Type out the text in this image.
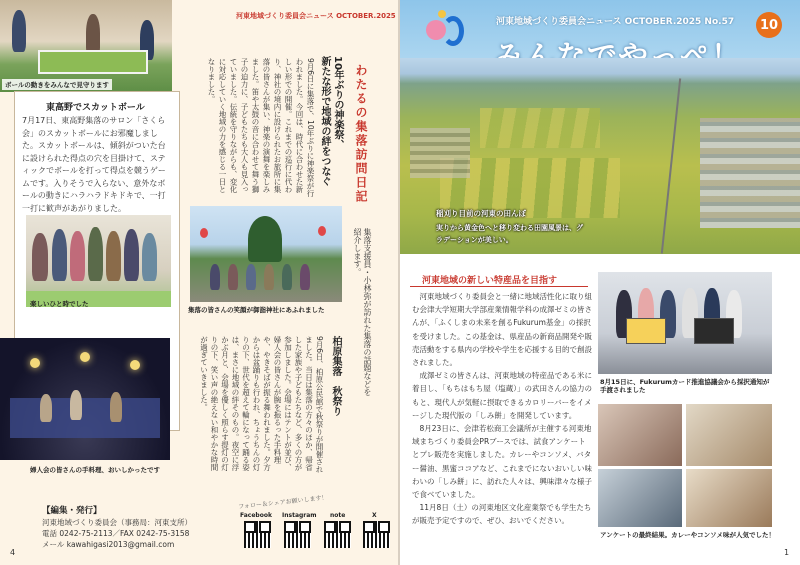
ボールの動きをみんなで見守ります
河東地域づくり委員会ニュース OCTOBER.2025
東高野でスカットボール
7月17日、東高野集落のサロン「さくら会」のスカットボールにお邪魔しました。スカットボールは、傾斜がついた台に設けられた得点の穴を目掛けて、スティックでボールを打って得点を競うゲームです。入りそうで入らない、意外なボールの動きにハラハラドキドキで、一打一打に歓声があがりました。
楽しいひと時でした
婦人会の皆さんの手料理、おいしかったです
10年ぶりの神楽祭、
新たな形で地域の絆をつなぐ
9月6日に集落で、10年ぶりに神楽祭が行われました。今回は、時代に合わせた新しい形での開催。これまでの巡行に代わり、神社の境内に設けられたお旅所に集落の皆さんが集い、神楽の演舞を楽しみました。笛や太鼓の音に合わせて舞う獅子の迫力に、子どもたちも大人も見入っていました。伝統を守りながらも、変化に対応していく地域の力を感じる一日となりました。	わたるの集落訪問日記
集落支援員・小林弥が訪れた集落の話題などを紹介します。
集落の皆さんの笑顔が御詣神社にあふれました
柏原集落　秋祭り
9月6日、柏原公民館で秋祭りが開催されました。当日は集落の方々のほか、帰省した家族や子どもたちなど、多くの方が参加しました。会場にはテントが並び、婦人会の皆さんが腕を振るった手料理や、やきそばが振る舞われました。夕方からは盆踊りも行われ、ちょうちんの灯りの下、世代を超えて輪になって踊る姿は、まさに地域の絆そのもの。夜空に浮かぶ月と、会場を優しく照らす提灯の灯りの下、笑い声の絶えない和やかな時間が過ぎていきました。
【編集・発行】
河東地域づくり委員会（事務局：河東支所）
電話 0242-75-2113／FAX 0242-75-3158
メール kawahigasi2013@gmail.com
フォロー＆シェアお願いします！
Facebook Instagram note	X
4
河東地域づくり委員会ニュース OCTOBER.2025 No.57 10
稲刈り目前の河東の田んぼ
実りから黄金色へと移り変わる田園風景は、グラデーションが美しい。
河東地域の新しい特産品を目指す
　河東地域づくり委員会と一緒に地域活性化に取り組む会津大学短期大学部産業情報学科の成澤ゼミの皆さんが、「ふくしまの未来を創るFukurum基金」の採択を受けました。この基金は、県産品の新商品開発や販売活動をする県内の学校や学生を応援する目的で創設されました。
　成澤ゼミの皆さんは、河東地域の特産品である米に着目し、「もちはもち屋（塩蔵）」の武田さんの協力のもと、現代人が気軽に摂取できるカロリーバーをイメージした現代版の「しみ餅」を開発しています。
　8月23日に、会津若松商工会議所が主催する河東地域まちづくり委員会PRブースでは、試食アンケートとプレ販売を実施しました。カレーやコンソメ、バター醤油、黒蜜ココアなど、これまでにないおいしい味わいの「しみ餅」に、訪れた人々は、興味津々な様子で食べていました。
　11月8日（土）の河東地区文化産業祭でも学生たちが販売予定ですので、ぜひ、おいでください。
8月15日に、Fukurumカード推進協議会から採択通知が手渡されました
アンケートの最終結果。カレーやコンソメ味が人気でした！
1
